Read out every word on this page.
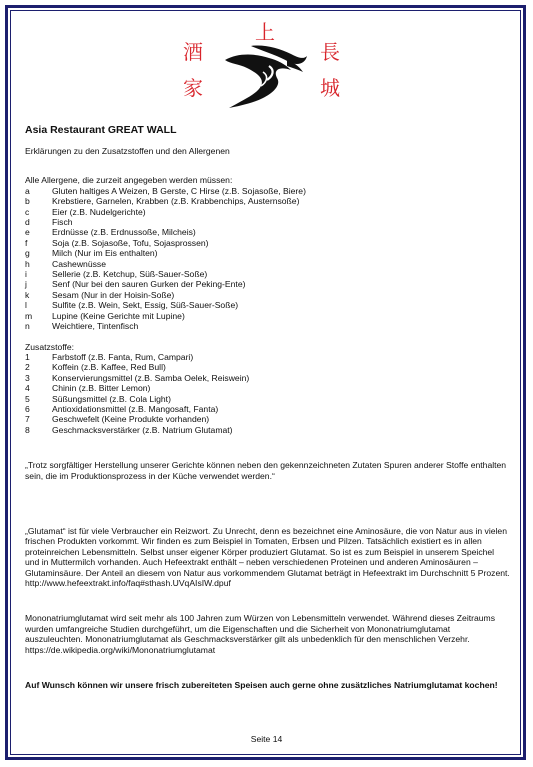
上
酒
家
長
城

Asia Restaurant GREAT WALL

Erklärungen zu den Zusatzstoffen und den Allergenen
Alle Allergene, die zurzeit angegeben werden müssen:
a	Gluten haltiges A Weizen, B Gerste, C Hirse (z.B. Sojasoße, Biere)
b	Krebstiere, Garnelen, Krabben (z.B. Krabbenchips, Austernsoße)
c	Eier (z.B. Nudelgerichte)
d	Fisch
e	Erdnüsse (z.B. Erdnussoße, Milcheis)
f	Soja (z.B. Sojasoße, Tofu, Sojasprossen)
g	Milch (Nur im Eis enthalten)
h	Cashewnüsse
i	Sellerie (z.B. Ketchup, Süß-Sauer-Soße)
j	Senf (Nur bei den sauren Gurken der Peking-Ente)
k	Sesam (Nur in der Hoisin-Soße)
l	Sulfite (z.B. Wein, Sekt, Essig, Süß-Sauer-Soße)
m	Lupine (Keine Gerichte mit Lupine)
n	Weichtiere, Tintenfisch
Zusatzstoffe:
1	Farbstoff (z.B. Fanta, Rum, Campari)
2	Koffein (z.B. Kaffee, Red Bull)
3	Konservierungsmittel (z.B. Samba Oelek, Reiswein)
4	Chinin (z.B. Bitter Lemon)
5	Süßungsmittel (z.B. Cola Light)
6	Antioxidationsmittel (z.B. Mangosaft, Fanta)
7	Geschwefelt (Keine Produkte vorhanden)
8	Geschmacksverstärker (z.B. Natrium Glutamat)

„Trotz sorgfältiger Herstellung unserer Gerichte können neben den gekennzeichneten Zutaten Spuren anderer Stoffe enthalten sein, die im Produktionsprozess in der Küche verwendet werden.“

„Glutamat“ ist für viele Verbraucher ein Reizwort. Zu Unrecht, denn es bezeichnet eine Aminosäure, die von Natur aus in vielen frischen Produkten vorkommt. Wir finden es zum Beispiel in Tomaten, Erbsen und Pilzen. Tatsächlich existiert es in allen proteinreichen Lebensmitteln. Selbst unser eigener Körper produziert Glutamat. So ist es zum Beispiel in unserem Speichel und in Muttermilch vorhanden. Auch Hefeextrakt enthält – neben verschiedenen Proteinen und anderen Aminosäuren – Glutaminsäure. Der Anteil an diesem von Natur aus vorkommendem Glutamat beträgt in Hefeextrakt im Durchschnitt 5 Prozent.

http://www.hefeextrakt.info/faq#sthash.UVqAIsIW.dpuf

Mononatriumglutamat wird seit mehr als 100 Jahren zum Würzen von Lebensmitteln verwendet. Während dieses Zeitraums wurden umfangreiche Studien durchgeführt, um die Eigenschaften und die Sicherheit von Mononatriumglutamat auszuleuchten. Mononatriumglutamat als Geschmacksverstärker gilt als unbedenklich für den menschlichen Verzehr.

https://de.wikipedia.org/wiki/Mononatriumglutamat

Auf Wunsch können wir unsere frisch zubereiteten Speisen auch gerne ohne zusätzliches Natriumglutamat kochen!

Seite 14
